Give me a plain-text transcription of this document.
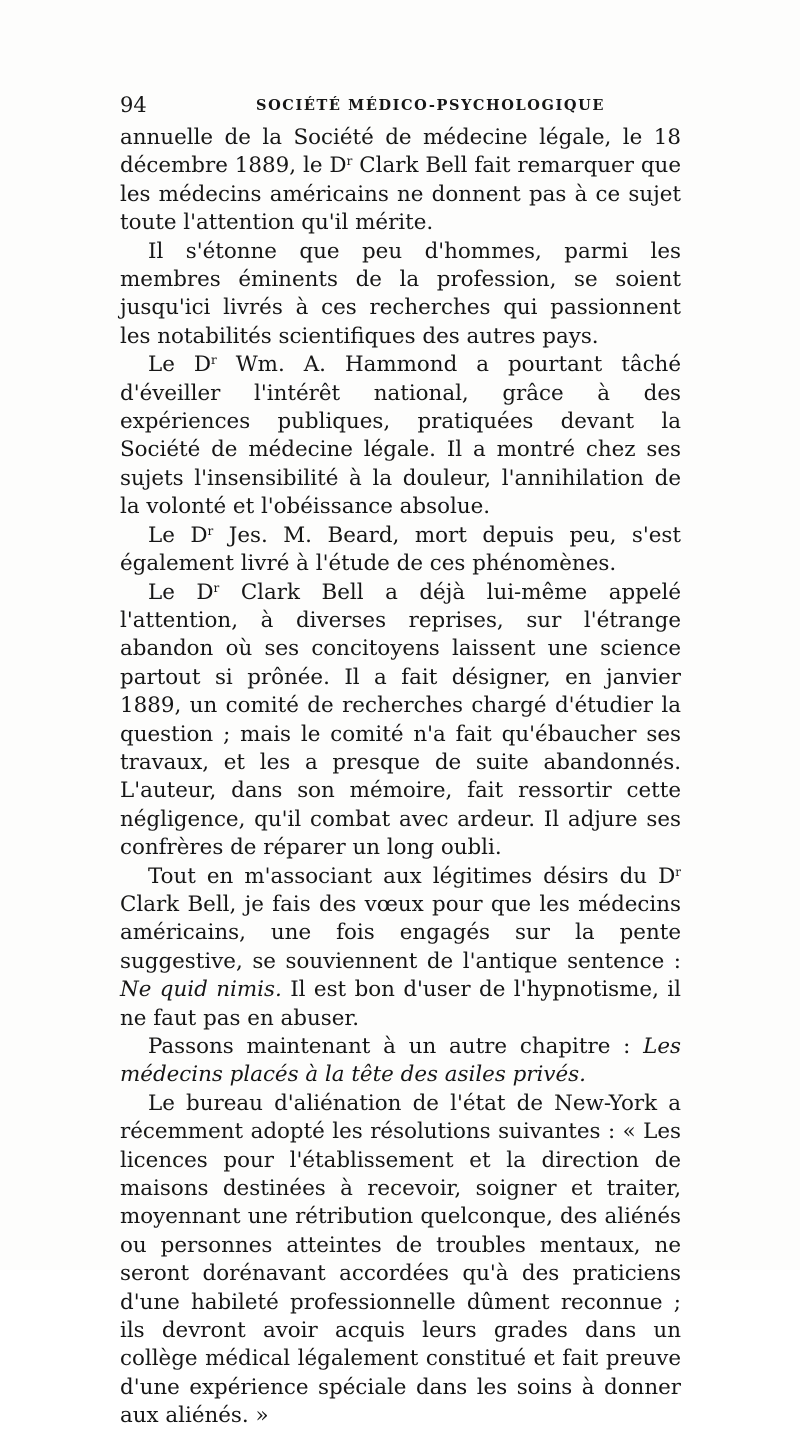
94	SOCIÉTÉ MÉDICO-PSYCHOLOGIQUE

annuelle de la Société de médecine légale, le 18 décembre 1889, le $D^r$ Clark Bell fait remarquer que les médecins américains ne donnent pas à ce sujet toute l'attention qu'il mérite.

Il s'étonne que peu d'hommes, parmi les membres éminents de la profession, se soient jusqu'ici livrés à ces recherches qui passionnent les notabilités scientifiques des autres pays.

Le $D^r$ Wm. A. Hammond a pourtant tâché d'éveiller l'intérêt national, grâce à des expériences publiques, pratiquées devant la Société de médecine légale. Il a montré chez ses sujets l'insensibilité à la douleur, l'annihilation de la volonté et l'obéissance absolue.

Le $D^r$ Jes. M. Beard, mort depuis peu, s'est également livré à l'étude de ces phénomènes.

Le $D^r$ Clark Bell a déjà lui-même appelé l'attention, à diverses reprises, sur l'étrange abandon où ses concitoyens laissent une science partout si prônée. Il a fait désigner, en janvier 1889, un comité de recherches chargé d'étudier la question ; mais le comité n'a fait qu'ébaucher ses travaux, et les a presque de suite abandonnés. L'auteur, dans son mémoire, fait ressortir cette négligence, qu'il combat avec ardeur. Il adjure ses confrères de réparer un long oubli.

Tout en m'associant aux légitimes désirs du $D^r$ Clark Bell, je fais des vœux pour que les médecins américains, une fois engagés sur la pente suggestive, se souviennent de l'antique sentence : Ne quid nimis. Il est bon d'user de l'hypnotisme, il ne faut pas en abuser.

Passons maintenant à un autre chapitre : Les médecins placés à la tête des asiles privés.

Le bureau d'aliénation de l'état de New-York a récemment adopté les résolutions suivantes : « Les licences pour l'établissement et la direction de maisons destinées à recevoir, soigner et traiter, moyennant une rétribution quelconque, des aliénés ou personnes atteintes de troubles mentaux, ne seront dorénavant accordées qu'à des praticiens d'une habileté professionnelle dûment reconnue ; ils devront avoir acquis leurs grades dans un collège médical légalement constitué et fait preuve d'une expérience spéciale dans les soins à donner aux aliénés. »
